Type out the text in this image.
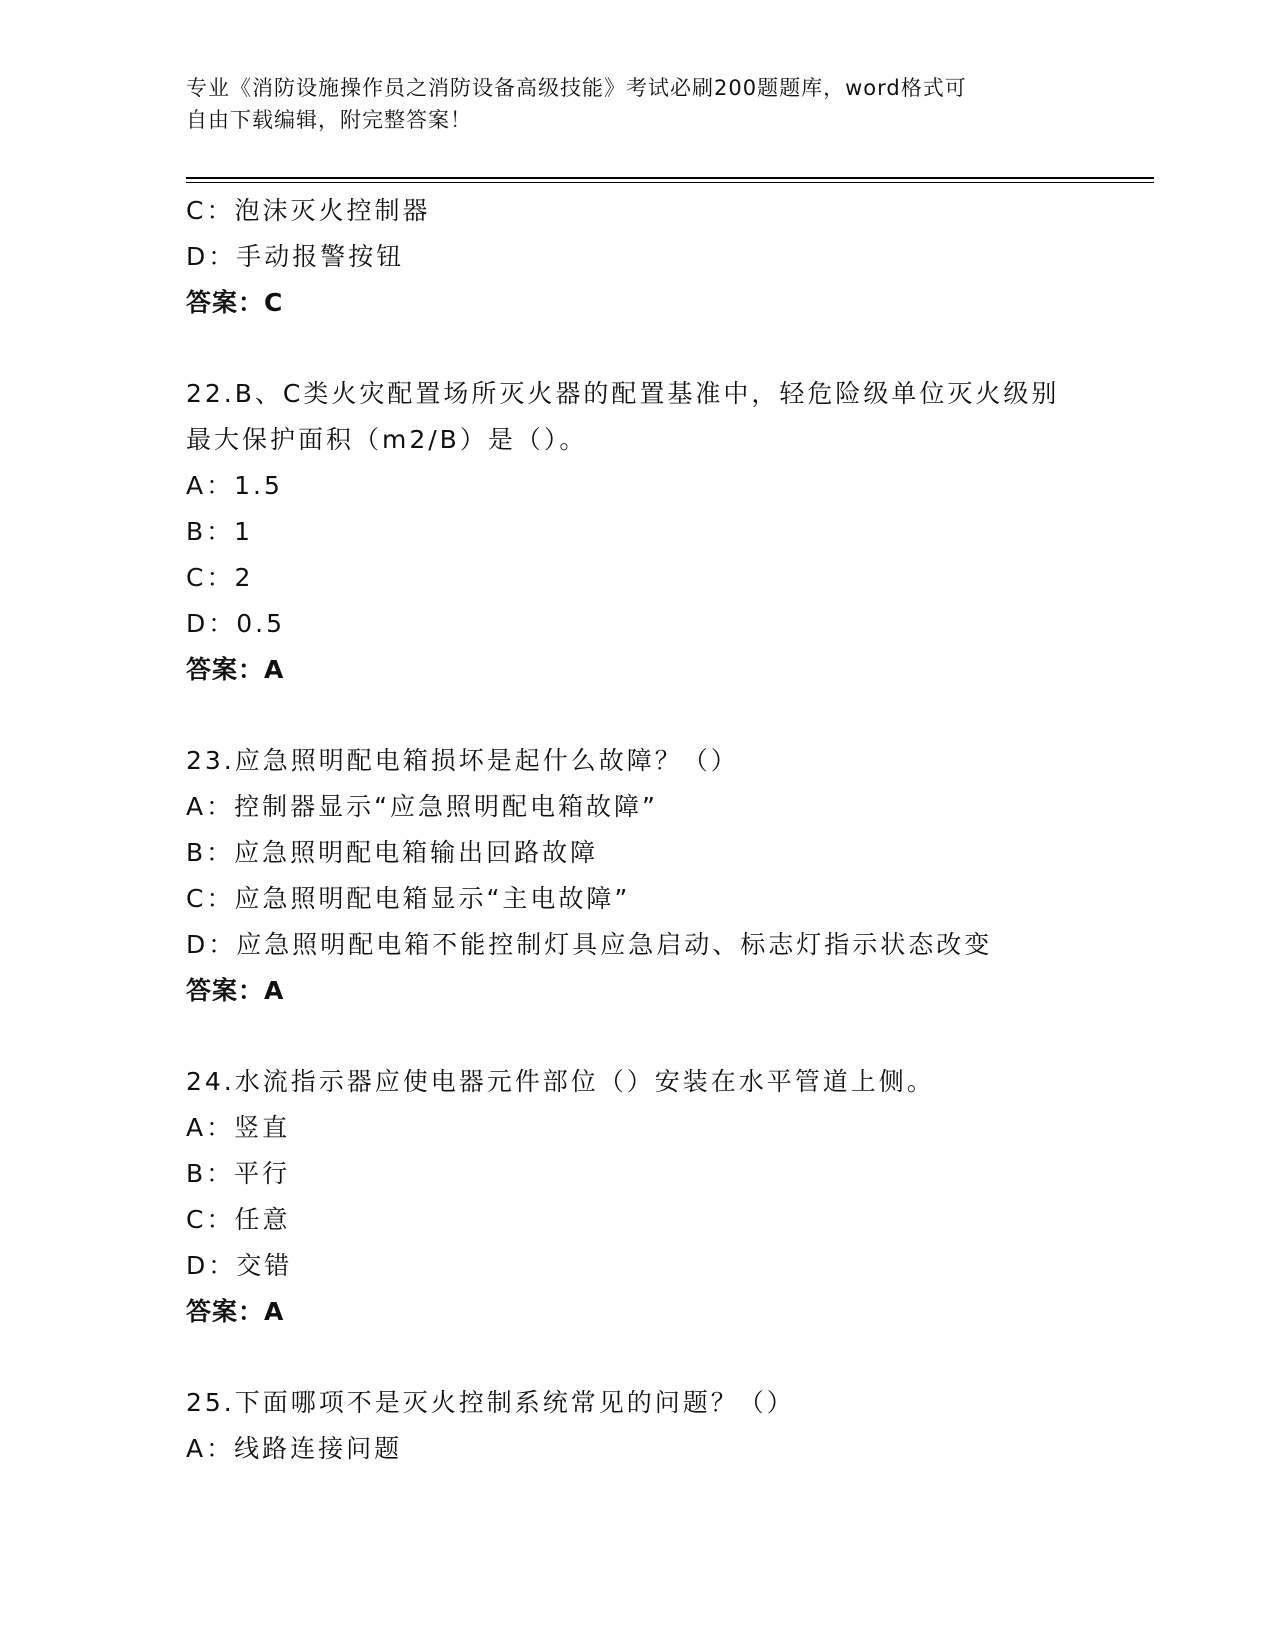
专业《消防设施操作员之消防设备高级技能》考试必刷200题题库，word格式可
自由下载编辑，附完整答案！
C：泡沫灭火控制器
D：手动报警按钮
答案：C
22.B、C类火灾配置场所灭火器的配置基准中，轻危险级单位灭火级别
最大保护面积（m2/B）是（）。
A：1.5
B：1
C：2
D：0.5
答案：A
23.应急照明配电箱损坏是起什么故障？（）
A：控制器显示“应急照明配电箱故障”
B：应急照明配电箱输出回路故障
C：应急照明配电箱显示“主电故障”
D：应急照明配电箱不能控制灯具应急启动、标志灯指示状态改变
答案：A
24.水流指示器应使电器元件部位（）安装在水平管道上侧。
A：竖直
B：平行
C：任意
D：交错
答案：A
25.下面哪项不是灭火控制系统常见的问题？（）
A：线路连接问题
